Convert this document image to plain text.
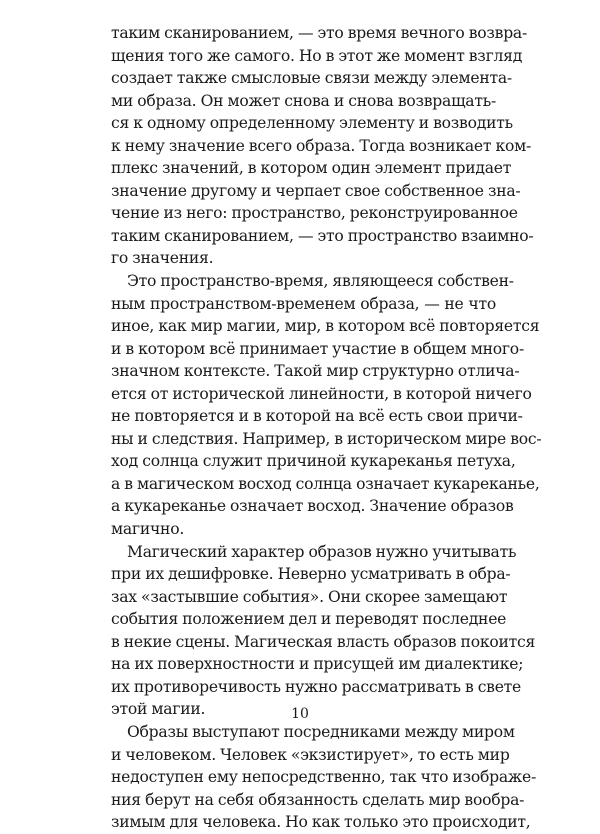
таким сканированием, — это время вечного возвра-
щения того же самого. Но в этот же момент взгляд
создает также смысловые связи между элемента-
ми образа. Он может снова и снова возвращать-
ся к одному определенному элементу и возводить
к нему значение всего образа. Тогда возникает ком-
плекс значений, в котором один элемент придает
значение другому и черпает свое собственное зна-
чение из него: пространство, реконструированное
таким сканированием, — это пространство взаимно-
го значения.
Это пространство-время, являющееся собствен-
ным пространством-временем образа, — не что
иное, как мир магии, мир, в котором всё повторяется
и в котором всё принимает участие в общем много-
значном контексте. Такой мир структурно отлича-
ется от исторической линейности, в которой ничего
не повторяется и в которой на всё есть свои причи-
ны и следствия. Например, в историческом мире вос-
ход солнца служит причиной кукареканья петуха,
а в магическом восход солнца означает кукареканье,
а кукареканье означает восход. Значение образов
магично.
Магический характер образов нужно учитывать
при их дешифровке. Неверно усматривать в обра-
зах «застывшие события». Они скорее замещают
события положением дел и переводят последнее
в некие сцены. Магическая власть образов покоится
на их поверхностности и присущей им диалектике;
их противоречивость нужно рассматривать в свете
этой магии.
Образы выступают посредниками между миром
и человеком. Человек «экзистирует», то есть мир
недоступен ему непосредственно, так что изображе-
ния берут на себя обязанность сделать мир вообра-
зимым для человека. Но как только это происходит,
10
